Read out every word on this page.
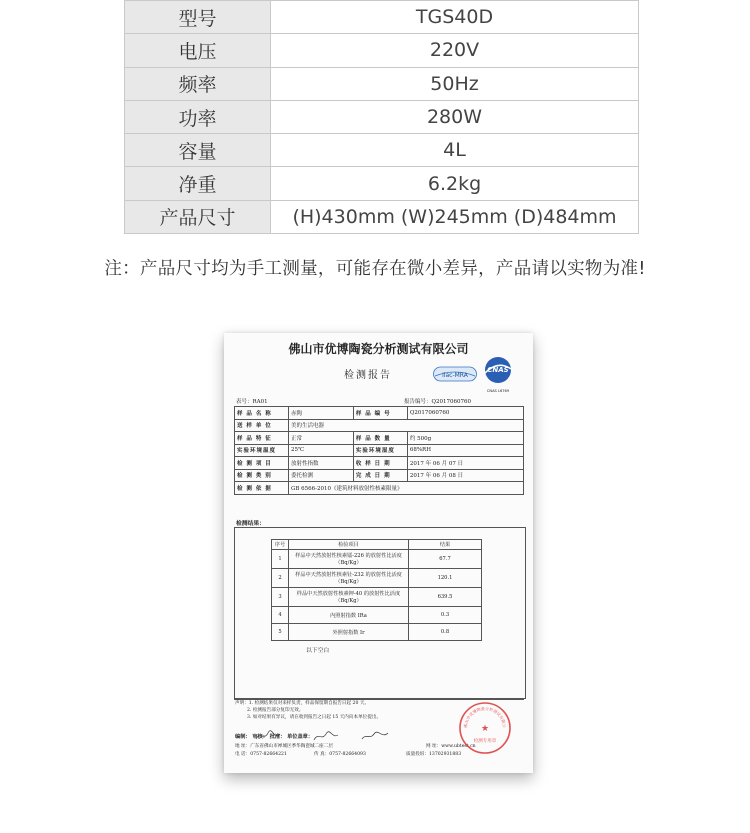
型号	TGS40D
电压	220V
频率	50Hz
功率	280W
容量	4L
净重	6.2kg
产品尺寸	(H)430mm (W)245mm (D)484mm
注：产品尺寸均为手工测量，可能存在微小差异，产品请以实物为准!
佛山市优博陶瓷分析测试有限公司
检测报告	ilac-MRA
CNAS
CNAS L6769
表号：RA01	报告编号：Q2017060760
样 品 名 称	赤陶	样 品 编 号	Q2017060760
送 样 单 位	美的生活电器		
样 品 特 征	正常	样 品 数 量	约 500g
实验环境温度	25℃	实验环境湿度	68%RH
检 测 项 目	放射性指数	收 样 日 期	2017 年 06 月 07 日
检 测 类 别	委托检测	完 成 日 期	2017 年 06 月 08 日
检 测 依 据	GB 6566-2010《建筑材料放射性核素限量》		
检测结果：
序号	检验项目	结果
1	样品中天然放射性核素镭-226 的放射性比活度（Bq/Kg）	67.7
2	样品中天然放射性核素钍-232 的放射性比活度（Bq/Kg）	120.1
3	样品中天然放射性核素钾-40 的放射性比活度（Bq/Kg）	639.5
4	内照射指数 IRa	0.3
5	外照射指数 Ir	0.8
以下空白
声明：1. 检测结果仅对来样负责，样品保留期自报告日起 20 天。
2. 检测报告部分复印无效。
3. 如对结果有异议，请在收到报告之日起 15 天内向本单位提出。
编制： 审核： 批准： 单位盖章：
地 址：广东省佛山市禅城区季华陶瓷城二座二层	网 址：www.ubtest.cn
电 话：0757-82664221	传 真：0757-82664093	质量投诉：13702931883
佛山市优博陶瓷分析测试有限公
★
检测专用章
